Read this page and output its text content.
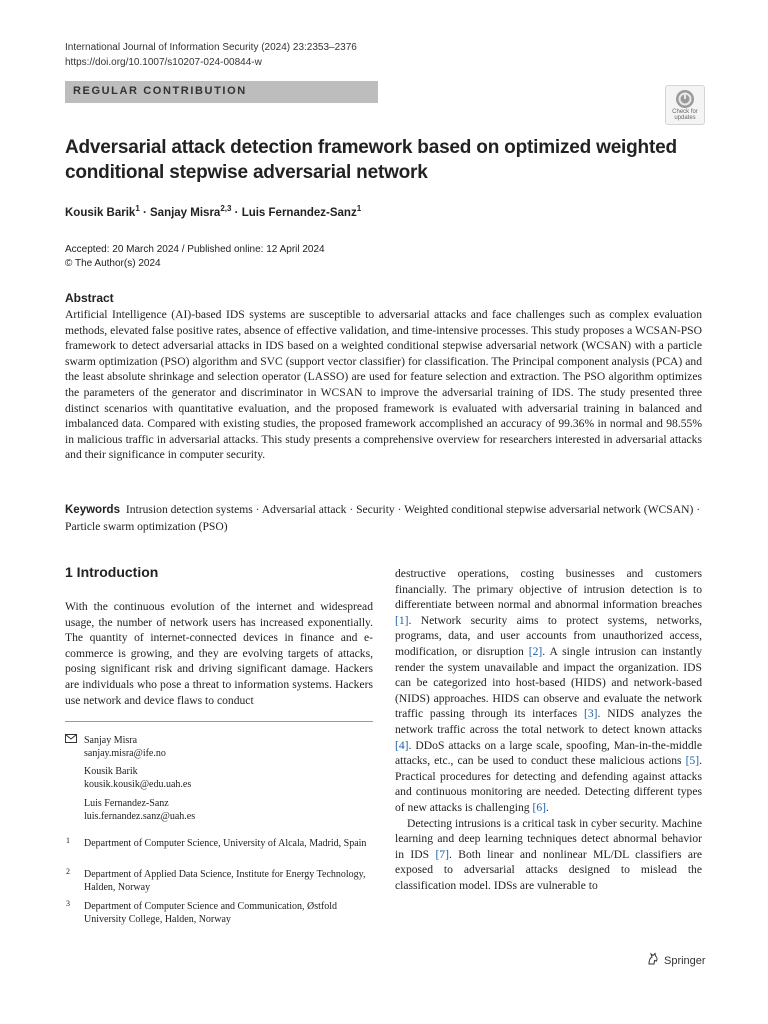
International Journal of Information Security (2024) 23:2353–2376
https://doi.org/10.1007/s10207-024-00844-w
REGULAR CONTRIBUTION
Check for
updates
Adversarial attack detection framework based on optimized weighted conditional stepwise adversarial network
Kousik Barik$^1$ · Sanjay Misra$^{2,3}$ · Luis Fernandez-Sanz$^1$
Accepted: 20 March 2024 / Published online: 12 April 2024
© The Author(s) 2024
Abstract
Artificial Intelligence (AI)-based IDS systems are susceptible to adversarial attacks and face challenges such as complex evaluation methods, elevated false positive rates, absence of effective validation, and time-intensive processes. This study proposes a WCSAN-PSO framework to detect adversarial attacks in IDS based on a weighted conditional stepwise adversarial network (WCSAN) with a particle swarm optimization (PSO) algorithm and SVC (support vector classifier) for classification. The Principal component analysis (PCA) and the least absolute shrinkage and selection operator (LASSO) are used for feature selection and extraction. The PSO algorithm optimizes the parameters of the generator and discriminator in WCSAN to improve the adversarial training of IDS. The study presented three distinct scenarios with quantitative evaluation, and the proposed framework is evaluated with adversarial training in balanced and imbalanced data. Compared with existing studies, the proposed framework accomplished an accuracy of 99.36% in normal and 98.55% in malicious traffic in adversarial attacks. This study presents a comprehensive overview for researchers interested in adversarial attacks and their significance in computer security.
Keywords Intrusion detection systems · Adversarial attack · Security · Weighted conditional stepwise adversarial network (WCSAN) · Particle swarm optimization (PSO)
1 Introduction

With the continuous evolution of the internet and widespread usage, the number of network users has increased exponentially. The quantity of internet-connected devices in finance and e-commerce is growing, and they are evolving targets of attacks, posing significant risk and driving significant damage. Hackers are individuals who pose a threat to information systems. Hackers use network and device flaws to conduct

destructive operations, costing businesses and customers financially. The primary objective of intrusion detection is to differentiate between normal and abnormal information breaches [1]. Network security aims to protect systems, networks, programs, data, and user accounts from unauthorized access, modification, or disruption [2]. A single intrusion can instantly render the system unavailable and impact the organization. IDS can be categorized into host-based (HIDS) and network-based (NIDS) approaches. HIDS can observe and evaluate the network traffic passing through its interfaces [3]. NIDS analyzes the network traffic across the total network to detect known attacks [4]. DDoS attacks on a large scale, spoofing, Man-in-the-middle attacks, etc., can be used to conduct these malicious actions [5]. Practical procedures for detecting and defending against attacks and continuous monitoring are needed. Detecting different types of new attacks is challenging [6].

Detecting intrusions is a critical task in cyber security. Machine learning and deep learning techniques detect abnormal behavior in IDS [7]. Both linear and nonlinear ML/DL classifiers are exposed to adversarial attacks designed to mislead the classification model. IDSs are vulnerable to

Sanjay Misra
sanjay.misra@ife.no
Kousik Barik
kousik.kousik@edu.uah.es
Luis Fernandez-Sanz
luis.fernandez.sanz@uah.es
1 Department of Computer Science, University of Alcala, Madrid, Spain
2 Department of Applied Data Science, Institute for Energy Technology, Halden, Norway
3 Department of Computer Science and Communication, Østfold University College, Halden, Norway
Springer
